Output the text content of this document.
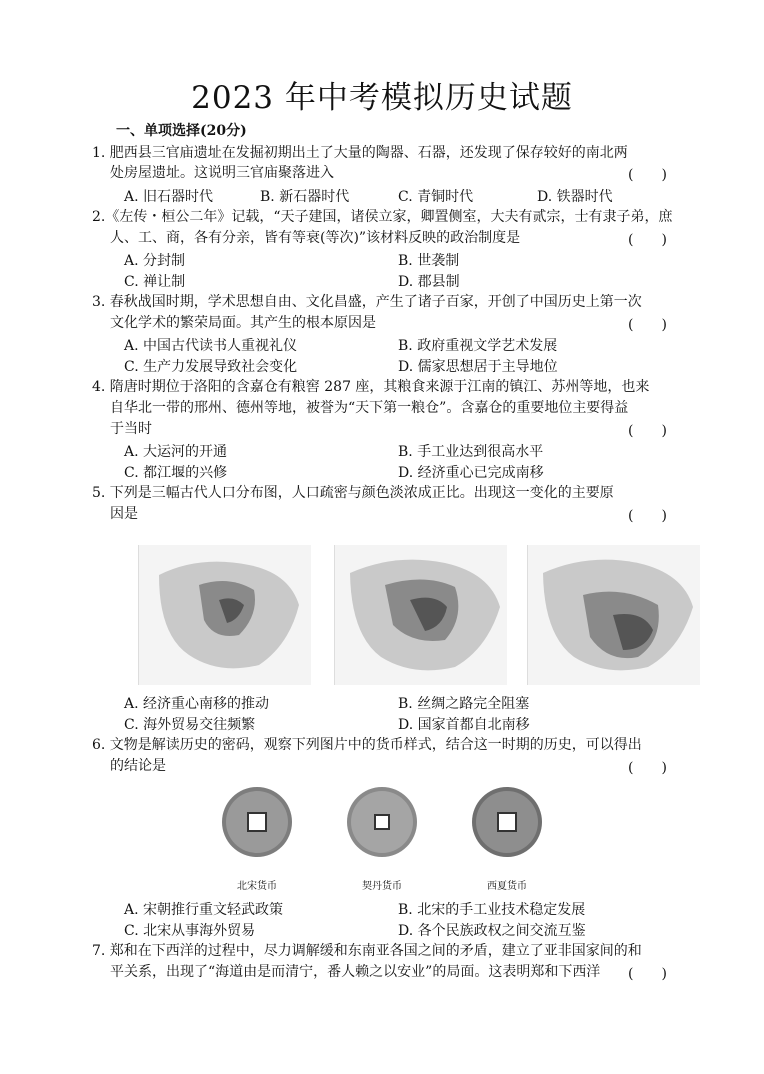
2023 年中考模拟历史试题
一、单项选择(20分)
1. 肥西县三官庙遗址在发掘初期出土了大量的陶器、石器，还发现了保存较好的南北两
处房屋遗址。这说明三官庙聚落进入	(　　)
A. 旧石器时代	B. 新石器时代	C. 青铜时代	D. 铁器时代
2.《左传・桓公二年》记载，“天子建国，诸侯立家，卿置侧室，大夫有贰宗，士有隶子弟，庶
人、工、商，各有分亲，皆有等衰(等次)”该材料反映的政治制度是	(　　)
A. 分封制	B. 世袭制
C. 禅让制	D. 郡县制
3. 春秋战国时期，学术思想自由、文化昌盛，产生了诸子百家，开创了中国历史上第一次
文化学术的繁荣局面。其产生的根本原因是	(　　)
A. 中国古代读书人重视礼仪	B. 政府重视文学艺术发展
C. 生产力发展导致社会变化	D. 儒家思想居于主导地位
4. 隋唐时期位于洛阳的含嘉仓有粮窖 287 座，其粮食来源于江南的镇江、苏州等地，也来
自华北一带的邢州、德州等地，被誉为“天下第一粮仓”。含嘉仓的重要地位主要得益
于当时	(　　)
A. 大运河的开通	B. 手工业达到很高水平
C. 都江堰的兴修	D. 经济重心已完成南移
5. 下列是三幅古代人口分布图，人口疏密与颜色淡浓成正比。出现这一变化的主要原
因是	(　　)
A. 经济重心南移的推动	B. 丝绸之路完全阻塞
C. 海外贸易交往频繁	D. 国家首都自北南移
6. 文物是解读历史的密码，观察下列图片中的货币样式，结合这一时期的历史，可以得出
的结论是	(　　)
北宋货币	契丹货币	西夏货币
A. 宋朝推行重文轻武政策	B. 北宋的手工业技术稳定发展
C. 北宋从事海外贸易	D. 各个民族政权之间交流互鉴
7. 郑和在下西洋的过程中，尽力调解缓和东南亚各国之间的矛盾，建立了亚非国家间的和
平关系，出现了“海道由是而清宁，番人赖之以安业”的局面。这表明郑和下西洋 (　　)
